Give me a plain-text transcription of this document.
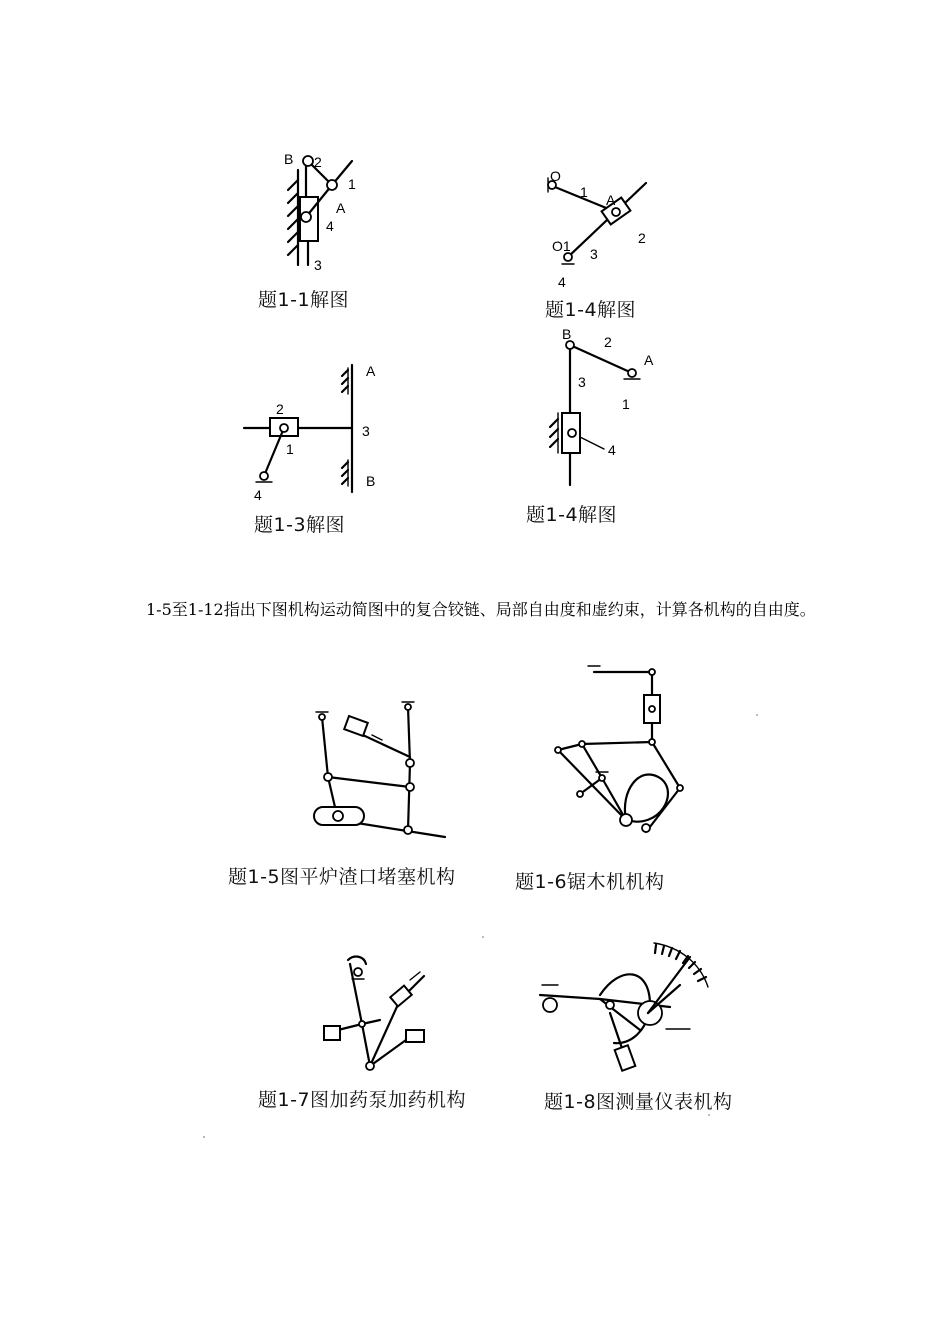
B 2
1
A
4
3
题1-1解图
O
1 A
2
O1 3
4
题1-4解图
2
1
A
3
B
4
题1-3解图
B 2
A
3
1
4
题1-4解图
1-5至1-12指出下图机构运动简图中的复合铰链、局部自由度和虚约束，计算各机构的自由度。
题1-5图平炉渣口堵塞机构	题1-6锯木机机构
题1-7图加药泵加药机构	题1-8图测量仪表机构
